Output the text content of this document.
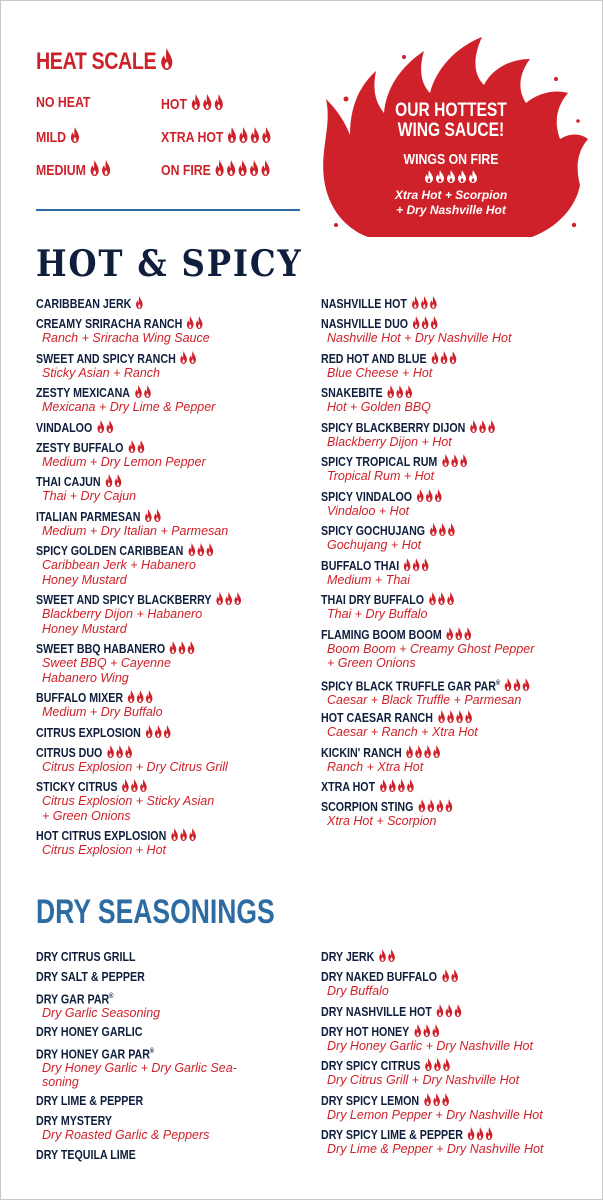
HEAT SCALE
NO HEAT
MILD
MEDIUM
HOT
XTRA HOT
ON FIRE
OUR HOTTEST
WING SAUCE!
WINGS ON FIRE
Xtra Hot + Scorpion
+ Dry Nashville Hot
HOT & SPICY
CARIBBEAN JERK
CREAMY SRIRACHA RANCH
Ranch + Sriracha Wing Sauce
SWEET AND SPICY RANCH
Sticky Asian + Ranch
ZESTY MEXICANA
Mexicana + Dry Lime & Pepper
VINDALOO
ZESTY BUFFALO
Medium + Dry Lemon Pepper
THAI CAJUN
Thai + Dry Cajun
ITALIAN PARMESAN
Medium + Dry Italian + Parmesan
SPICY GOLDEN CARIBBEAN
Caribbean Jerk + Habanero
Honey Mustard
SWEET AND SPICY BLACKBERRY
Blackberry Dijon + Habanero
Honey Mustard
SWEET BBQ HABANERO
Sweet BBQ + Cayenne
Habanero Wing
BUFFALO MIXER
Medium + Dry Buffalo
CITRUS EXPLOSION
CITRUS DUO
Citrus Explosion + Dry Citrus Grill
STICKY CITRUS
Citrus Explosion + Sticky Asian
+ Green Onions
HOT CITRUS EXPLOSION
Citrus Explosion + Hot
NASHVILLE HOT
NASHVILLE DUO
Nashville Hot + Dry Nashville Hot
RED HOT AND BLUE
Blue Cheese + Hot
SNAKEBITE
Hot + Golden BBQ
SPICY BLACKBERRY DIJON
Blackberry Dijon + Hot
SPICY TROPICAL RUM
Tropical Rum + Hot
SPICY VINDALOO
Vindaloo + Hot
SPICY GOCHUJANG
Gochujang + Hot
BUFFALO THAI
Medium + Thai
THAI DRY BUFFALO
Thai + Dry Buffalo
FLAMING BOOM BOOM
Boom Boom + Creamy Ghost Pepper
+ Green Onions
SPICY BLACK TRUFFLE GAR PAR®
Caesar + Black Truffle + Parmesan
HOT CAESAR RANCH
Caesar + Ranch + Xtra Hot
KICKIN' RANCH
Ranch + Xtra Hot
XTRA HOT
SCORPION STING
Xtra Hot + Scorpion
DRY SEASONINGS
DRY CITRUS GRILL
DRY SALT & PEPPER
DRY GAR PAR®
Dry Garlic Seasoning
DRY HONEY GARLIC
DRY HONEY GAR PAR®
Dry Honey Garlic + Dry Garlic Sea-
soning
DRY LIME & PEPPER
DRY MYSTERY
Dry Roasted Garlic & Peppers
DRY TEQUILA LIME
DRY JERK
DRY NAKED BUFFALO
Dry Buffalo
DRY NASHVILLE HOT
DRY HOT HONEY
Dry Honey Garlic + Dry Nashville Hot
DRY SPICY CITRUS
Dry Citrus Grill + Dry Nashville Hot
DRY SPICY LEMON
Dry Lemon Pepper + Dry Nashville Hot
DRY SPICY LIME & PEPPER
Dry Lime & Pepper + Dry Nashville Hot
